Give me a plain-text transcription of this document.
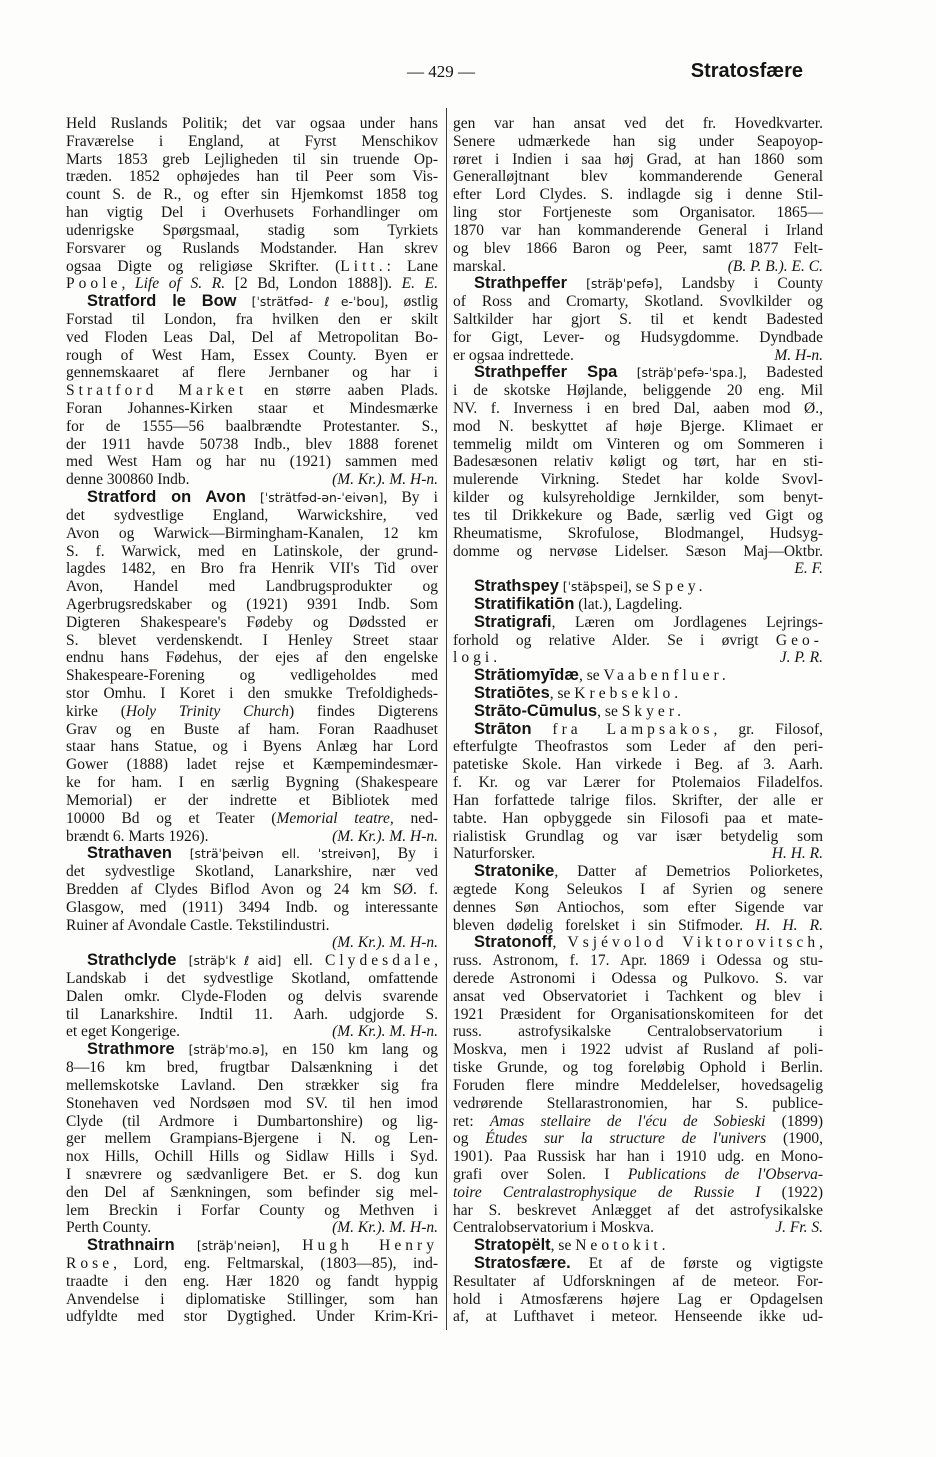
— 429 —	Stratosfære
Held Ruslands Politik; det var ogsaa under hans
Fraværelse i England, at Fyrst Menschikov
Marts 1853 greb Lejligheden til sin truende Op-
træden. 1852 ophøjedes han til Peer som Vis-
count S. de R., og efter sin Hjemkomst 1858 tog
han vigtig Del i Overhusets Forhandlinger om
udenrigske Spørgsmaal, stadig som Tyrkiets
Forsvarer og Ruslands Modstander. Han skrev
ogsaa Digte og religiøse Skrifter. (Litt.: Lane
Poole, Life of S. R. [2 Bd, London 1888]). E. E.
Stratford le Bow [ˈsträtfəd-ℓe-ˈbou], østlig
Forstad til London, fra hvilken den er skilt
ved Floden Leas Dal, Del af Metropolitan Bo-
rough of West Ham, Essex County. Byen er
gennemskaaret af flere Jernbaner og har i
Stratford Market en større aaben Plads.
Foran Johannes-Kirken staar et Mindesmærke
for de 1555—56 baalbrændte Protestanter. S.,
der 1911 havde 50738 Indb., blev 1888 forenet
med West Ham og har nu (1921) sammen med
denne 300860 Indb.	(M. Kr.). M. H-n.
Stratford on Avon [ˈsträtfəd-ən-ˈeivən], By i
det sydvestlige England, Warwickshire, ved
Avon og Warwick—Birmingham-Kanalen, 12 km
S. f. Warwick, med en Latinskole, der grund-
lagdes 1482, en Bro fra Henrik VII's Tid over
Avon, Handel med Landbrugsprodukter og
Agerbrugsredskaber og (1921) 9391 Indb. Som
Digteren Shakespeare's Fødeby og Dødssted er
S. blevet verdenskendt. I Henley Street staar
endnu hans Fødehus, der ejes af den engelske
Shakespeare-Forening og vedligeholdes med
stor Omhu. I Koret i den smukke Trefoldigheds-
kirke (Holy Trinity Church) findes Digterens
Grav og en Buste af ham. Foran Raadhuset
staar hans Statue, og i Byens Anlæg har Lord
Gower (1888) ladet rejse et Kæmpemindesmær-
ke for ham. I en særlig Bygning (Shakespeare
Memorial) er der indrette et Bibliotek med
10000 Bd og et Teater (Memorial teatre, ned-
brændt 6. Marts 1926).	(M. Kr.). M. H-n.
Strathaven [sträˈþeivən ell. ˈstreivən], By i
det sydvestlige Skotland, Lanarkshire, nær ved
Bredden af Clydes Biflod Avon og 24 km SØ. f.
Glasgow, med (1911) 3494 Indb. og interessante
Ruiner af Avondale Castle. Tekstilindustri.
(M. Kr.). M. H-n.
Strathclyde [sträþˈkℓaid] ell. Clydesdale,
Landskab i det sydvestlige Skotland, omfattende
Dalen omkr. Clyde-Floden og delvis svarende
til Lanarkshire. Indtil 11. Aarh. udgjorde S.
et eget Kongerige.	(M. Kr.). M. H-n.
Strathmore [sträþˈmo.ə], en 150 km lang og
8—16 km bred, frugtbar Dalsænkning i det
mellemskotske Lavland. Den strækker sig fra
Stonehaven ved Nordsøen mod SV. til hen imod
Clyde (til Ardmore i Dumbartonshire) og lig-
ger mellem Grampians-Bjergene i N. og Len-
nox Hills, Ochill Hills og Sidlaw Hills i Syd.
I snævrere og sædvanligere Bet. er S. dog kun
den Del af Sænkningen, som befinder sig mel-
lem Breckin i Forfar County og Methven i
Perth County.	(M. Kr.). M. H-n.
Strathnairn [sträþˈneiən], Hugh Henry
Rose, Lord, eng. Feltmarskal, (1803—85), ind-
traadte i den eng. Hær 1820 og fandt hyppig
Anvendelse i diplomatiske Stillinger, som han
udfyldte med stor Dygtighed. Under Krim-Kri-
gen var han ansat ved det fr. Hovedkvarter.
Senere udmærkede han sig under Seapoyop-
røret i Indien i saa høj Grad, at han 1860 som
Generalløjtnant blev kommanderende General
efter Lord Clydes. S. indlagde sig i denne Stil-
ling stor Fortjeneste som Organisator. 1865—
1870 var han kommanderende General i Irland
og blev 1866 Baron og Peer, samt 1877 Felt-
marskal.	(B. P. B.). E. C.
Strathpeffer [sträþˈpefə], Landsby i County
of Ross and Cromarty, Skotland. Svovlkilder og
Saltkilder har gjort S. til et kendt Badested
for Gigt, Lever- og Hudsygdomme. Dyndbade
er ogsaa indrettede.	M. H-n.
Strathpeffer Spa [sträþˈpefə-ˈspa.], Badested
i de skotske Højlande, beliggende 20 eng. Mil
NV. f. Inverness i en bred Dal, aaben mod Ø.,
mod N. beskyttet af høje Bjerge. Klimaet er
temmelig mildt om Vinteren og om Sommeren i
Badesæsonen relativ køligt og tørt, har en sti-
mulerende Virkning. Stedet har kolde Svovl-
kilder og kulsyreholdige Jernkilder, som benyt-
tes til Drikkekure og Bade, særlig ved Gigt og
Rheumatisme, Skrofulose, Blodmangel, Hudsyg-
domme og nervøse Lidelser. Sæson Maj—Oktbr.
E. F.
Strathspey [ˈstäþspei], se Spey.
Stratifikatiōn (lat.), Lagdeling.
Stratigrafi, Læren om Jordlagenes Lejrings-
forhold og relative Alder. Se i øvrigt Geo-
logi.	J. P. R.
Strātiomyīdæ, se Vaabenfluer.
Stratiōtes, se Krebseklo.
Strāto-Cūmulus, se Skyer.
Strāton fra Lampsakos, gr. Filosof,
efterfulgte Theofrastos som Leder af den peri-
patetiske Skole. Han virkede i Beg. af 3. Aarh.
f. Kr. og var Lærer for Ptolemaios Filadelfos.
Han forfattede talrige filos. Skrifter, der alle er
tabte. Han opbyggede sin Filosofi paa et mate-
rialistisk Grundlag og var især betydelig som
Naturforsker.	H. H. R.
Stratonike, Datter af Demetrios Poliorketes,
ægtede Kong Seleukos I af Syrien og senere
dennes Søn Antiochos, som efter Sigende var
bleven dødelig forelsket i sin Stifmoder. H. H. R.
Stratonoff, Vsjévolod Viktorovitsch,
russ. Astronom, f. 17. Apr. 1869 i Odessa og stu-
derede Astronomi i Odessa og Pulkovo. S. var
ansat ved Observatoriet i Tachkent og blev i
1921 Præsident for Organisationskomiteen for det
russ. astrofysikalske Centralobservatorium i
Moskva, men i 1922 udvist af Rusland af poli-
tiske Grunde, og tog foreløbig Ophold i Berlin.
Foruden flere mindre Meddelelser, hovedsagelig
vedrørende Stellarastronomien, har S. publice-
ret: Amas stellaire de l'écu de Sobieski (1899)
og Études sur la structure de l'univers (1900,
1901). Paa Russisk har han i 1910 udg. en Mono-
grafi over Solen. I Publications de l'Observa-
toire Centralastrophysique de Russie I (1922)
har S. beskrevet Anlægget af det astrofysikalske
Centralobservatorium i Moskva.	J. Fr. S.
Stratopëlt, se Neotokit.
Stratosfære. Et af de første og vigtigste
Resultater af Udforskningen af de meteor. For-
hold i Atmosfærens højere Lag er Opdagelsen
af, at Lufthavet i meteor. Henseende ikke ud-
